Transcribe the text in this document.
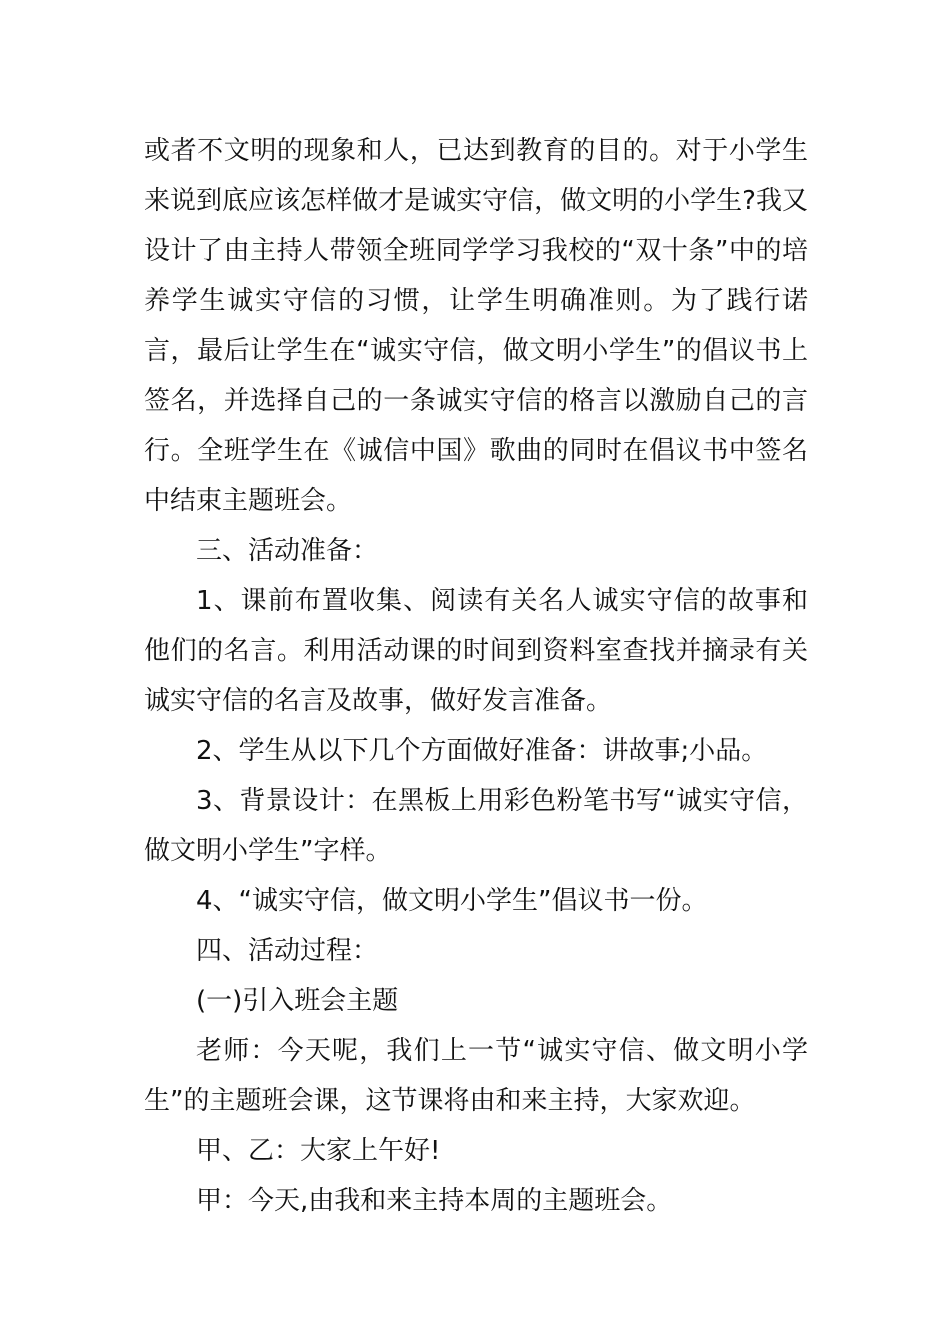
或者不文明的现象和人，已达到教育的目的。对于小学生来说到底应该怎样做才是诚实守信，做文明的小学生?我又设计了由主持人带领全班同学学习我校的“双十条”中的培养学生诚实守信的习惯，让学生明确准则。为了践行诺言，最后让学生在“诚实守信，做文明小学生”的倡议书上签名，并选择自己的一条诚实守信的格言以激励自己的言行。全班学生在《诚信中国》歌曲的同时在倡议书中签名中结束主题班会。

三、活动准备：

1、课前布置收集、阅读有关名人诚实守信的故事和他们的名言。利用活动课的时间到资料室查找并摘录有关诚实守信的名言及故事，做好发言准备。

2、学生从以下几个方面做好准备：讲故事;小品。

3、背景设计：在黑板上用彩色粉笔书写“诚实守信，做文明小学生”字样。

4、“诚实守信，做文明小学生”倡议书一份。

四、活动过程：

(一)引入班会主题

老师：今天呢，我们上一节“诚实守信、做文明小学生”的主题班会课，这节课将由和来主持，大家欢迎。

甲、乙：大家上午好!

甲：今天,由我和来主持本周的主题班会。
